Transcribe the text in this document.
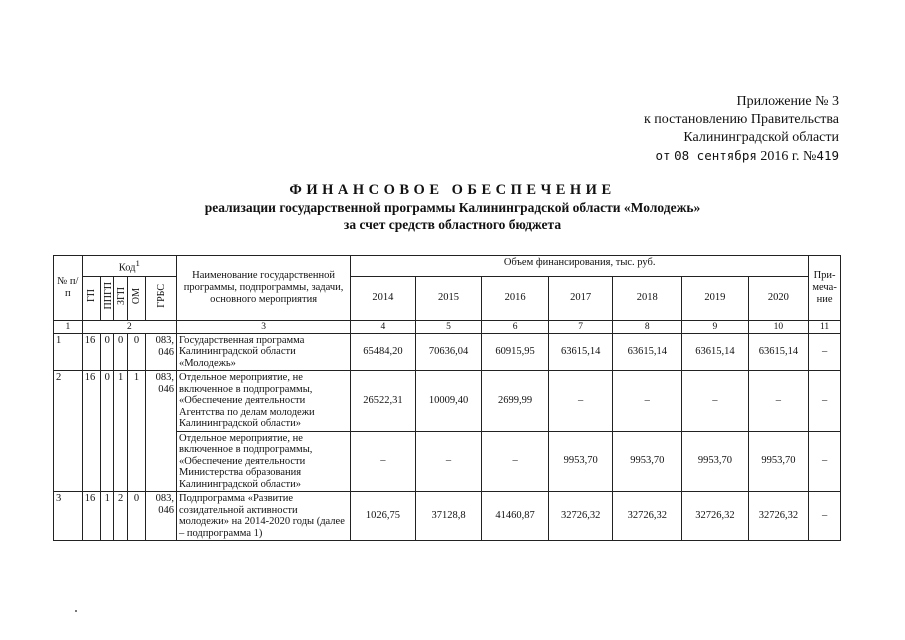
Приложение № 3
к постановлению Правительства
Калининградской области
от 08 сентября 2016 г. №419
ФИНАНСОВОЕ ОБЕСПЕЧЕНИЕ
реализации государственной программы Калининградской области «Молодежь»
за счет средств областного бюджета
№ п/п	Код$^1$					Наименование государственной программы, подпрограммы, задачи, основного мероприятия	Объем финансирования, тыс. руб.							При-меча-ние
	ГП	ППГП	ЗГП	ОМ	ГРБС		2014	2015	2016	2017	2018	2019	2020	
1	2					3	4	5	6	7	8	9	10	11
1	16	0	0	0	083, 046	Государственная программа Калининградской области «Молодежь»	65484,20	70636,04	60915,95	63615,14	63615,14	63615,14	63615,14	–
2	16	0	1	1	083, 046	Отдельное мероприятие, не включенное в подпрограммы, «Обеспечение деятельности Агентства по делам молодежи Калининградской области»	26522,31	10009,40	2699,99	–	–	–	–	–
						Отдельное мероприятие, не включенное в подпрограммы, «Обеспечение деятельности Министерства образования Калининградской области»	–	–	–	9953,70	9953,70	9953,70	9953,70	–
3	16	1	2	0	083, 046	Подпрограмма «Развитие созидательной активности молодежи» на 2014-2020 годы (далее – подпрограмма 1)	1026,75	37128,8	41460,87	32726,32	32726,32	32726,32	32726,32	–
